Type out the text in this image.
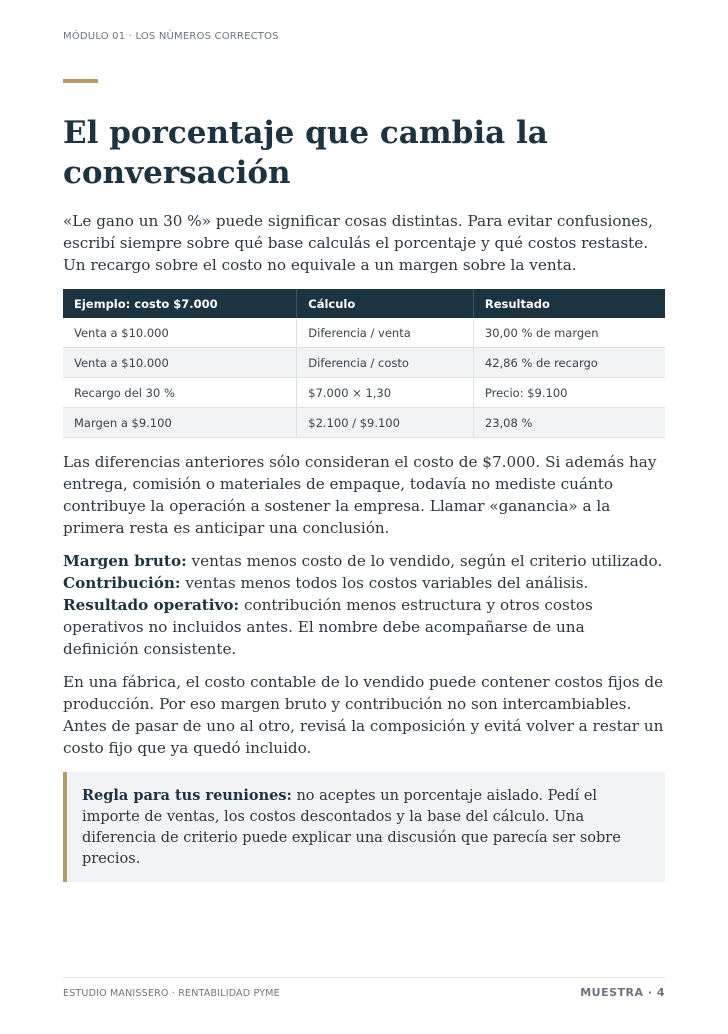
MÓDULO 01 · LOS NÚMEROS CORRECTOS
El porcentaje que cambia la conversación

«Le gano un 30 %» puede significar cosas distintas. Para evitar confusiones, escribí siempre sobre qué base calculás el porcentaje y qué costos restaste. Un recargo sobre el costo no equivale a un margen sobre la venta.

Ejemplo: costo $7.000	Cálculo	Resultado
Venta a $10.000	Diferencia / venta	30,00 % de margen
Venta a $10.000	Diferencia / costo	42,86 % de recargo
Recargo del 30 %	$7.000 × 1,30	Precio: $9.100
Margen a $9.100	$2.100 / $9.100	23,08 %

Las diferencias anteriores sólo consideran el costo de $7.000. Si además hay entrega, comisión o materiales de empaque, todavía no mediste cuánto contribuye la operación a sostener la empresa. Llamar «ganancia» a la primera resta es anticipar una conclusión.

Margen bruto: ventas menos costo de lo vendido, según el criterio utilizado.
Contribución: ventas menos todos los costos variables del análisis.
Resultado operativo: contribución menos estructura y otros costos operativos no incluidos antes. El nombre debe acompañarse de una definición consistente.

En una fábrica, el costo contable de lo vendido puede contener costos fijos de producción. Por eso margen bruto y contribución no son intercambiables. Antes de pasar de uno al otro, revisá la composición y evitá volver a restar un costo fijo que ya quedó incluido.

Regla para tus reuniones: no aceptes un porcentaje aislado. Pedí el importe de ventas, los costos descontados y la base del cálculo. Una diferencia de criterio puede explicar una discusión que parecía ser sobre precios.

ESTUDIO MANISSERO · RENTABILIDAD PYME	MUESTRA · 4
